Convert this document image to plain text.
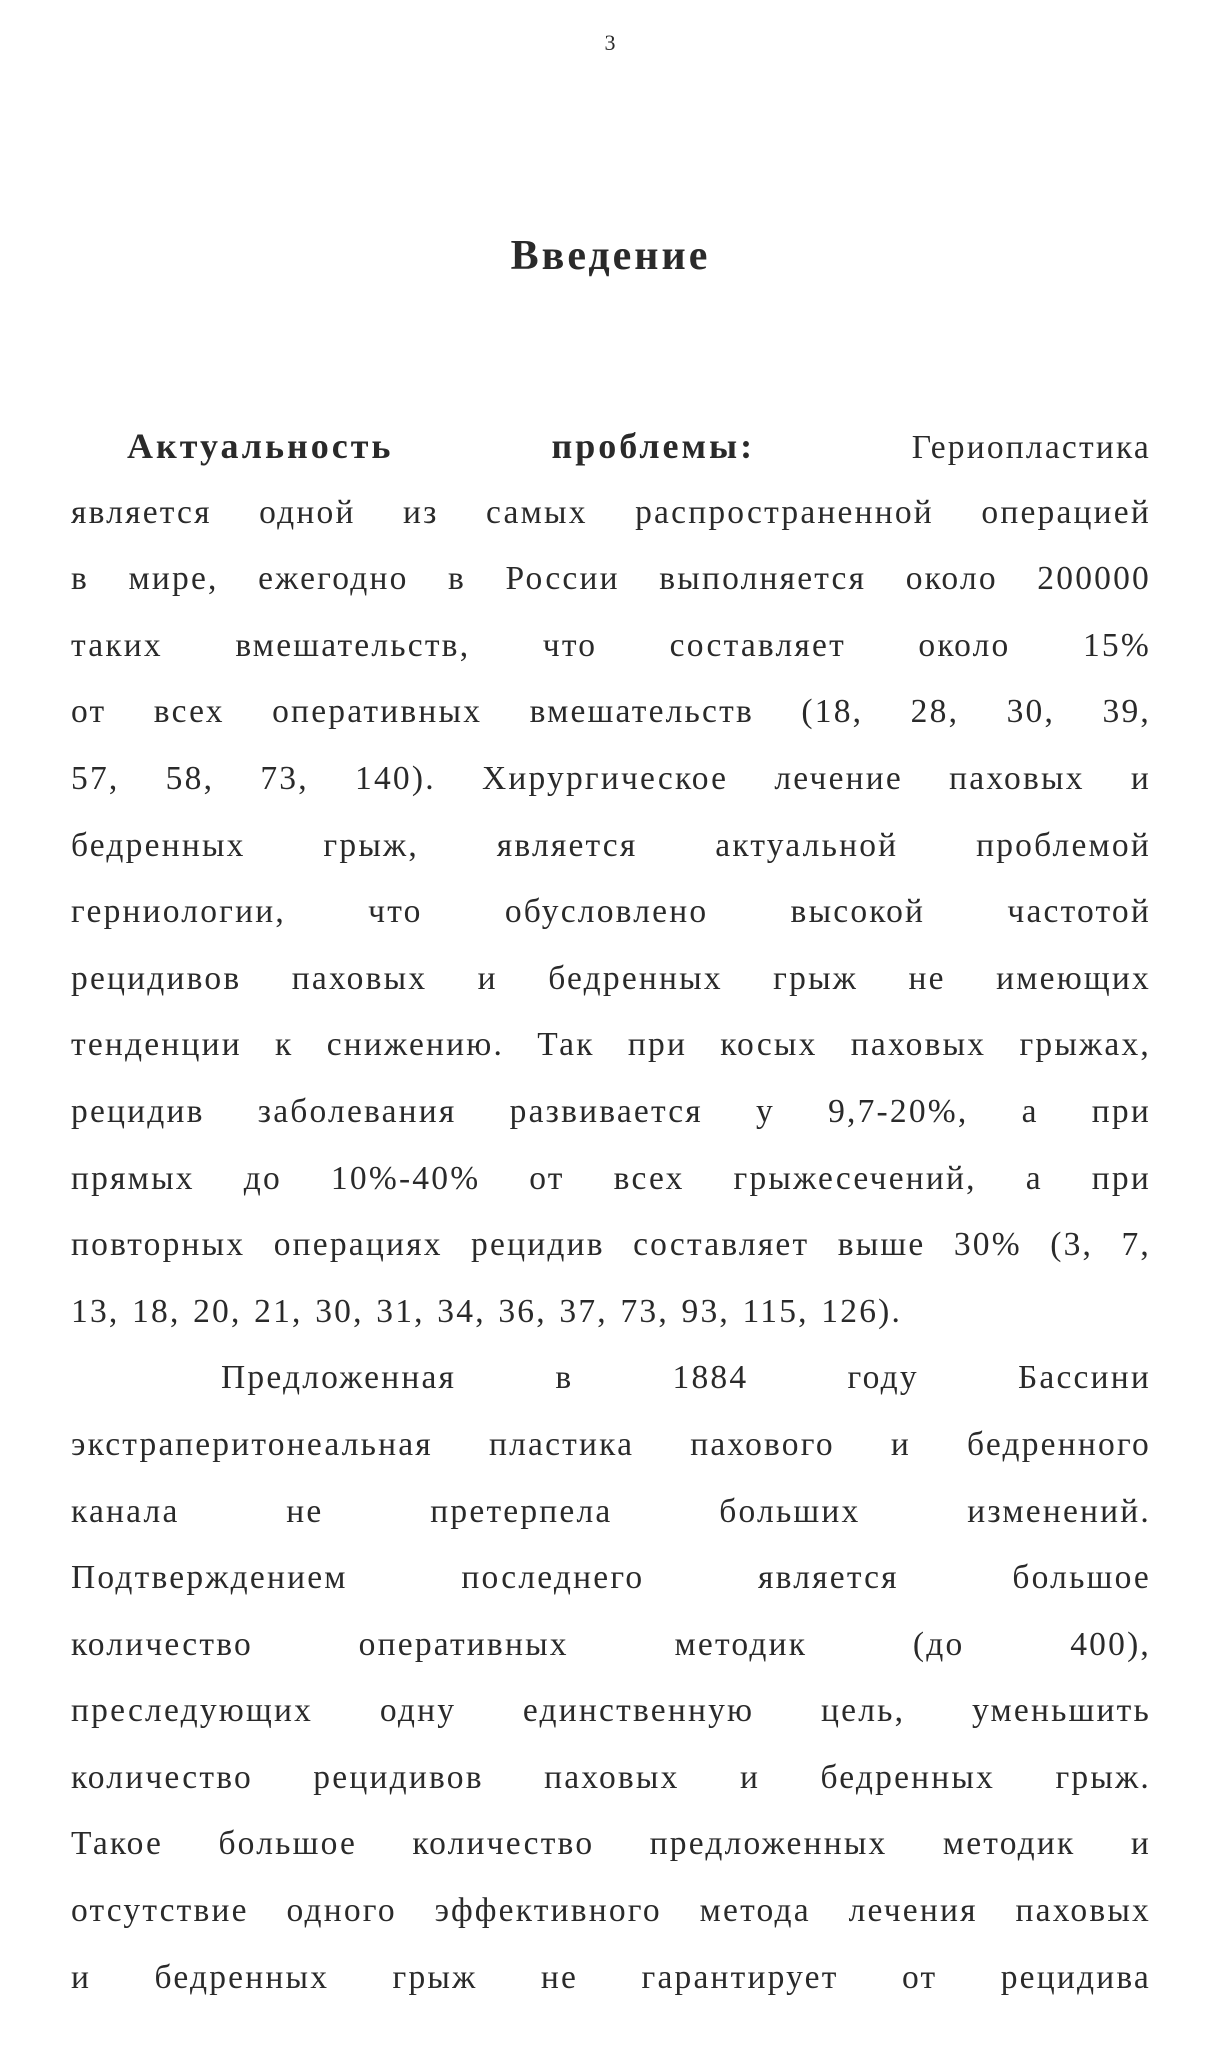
3
Введение
Актуальность проблемы:	Гериопластика
является одной из самых распространенной операцией
в мире, ежегодно в России выполняется около 200000
таких вмешательств, что составляет около 15%
от всех оперативных вмешательств (18, 28, 30, 39,
57, 58, 73, 140). Хирургическое лечение паховых и
бедренных грыж, является актуальной проблемой
герниологии, что обусловлено высокой частотой
рецидивов паховых и бедренных грыж не имеющих
тенденции к снижению. Так при косых паховых грыжах,
рецидив заболевания развивается у 9,7-20%, а при
прямых до 10%-40% от всех грыжесечений, а при
повторных операциях рецидив составляет выше 30% (3, 7,
13, 18, 20, 21, 30, 31, 34, 36, 37, 73, 93, 115, 126).
Предложенная в 1884 году Бассини
экстраперитонеальная пластика пахового и бедренного
канала не претерпела больших изменений.
Подтверждением последнего является большое
количество оперативных методик (до 400),
преследующих одну единственную цель, уменьшить
количество рецидивов паховых и бедренных грыж.
Такое большое количество предложенных методик и
отсутствие одного эффективного метода лечения паховых
и бедренных грыж не гарантирует от рецидива
